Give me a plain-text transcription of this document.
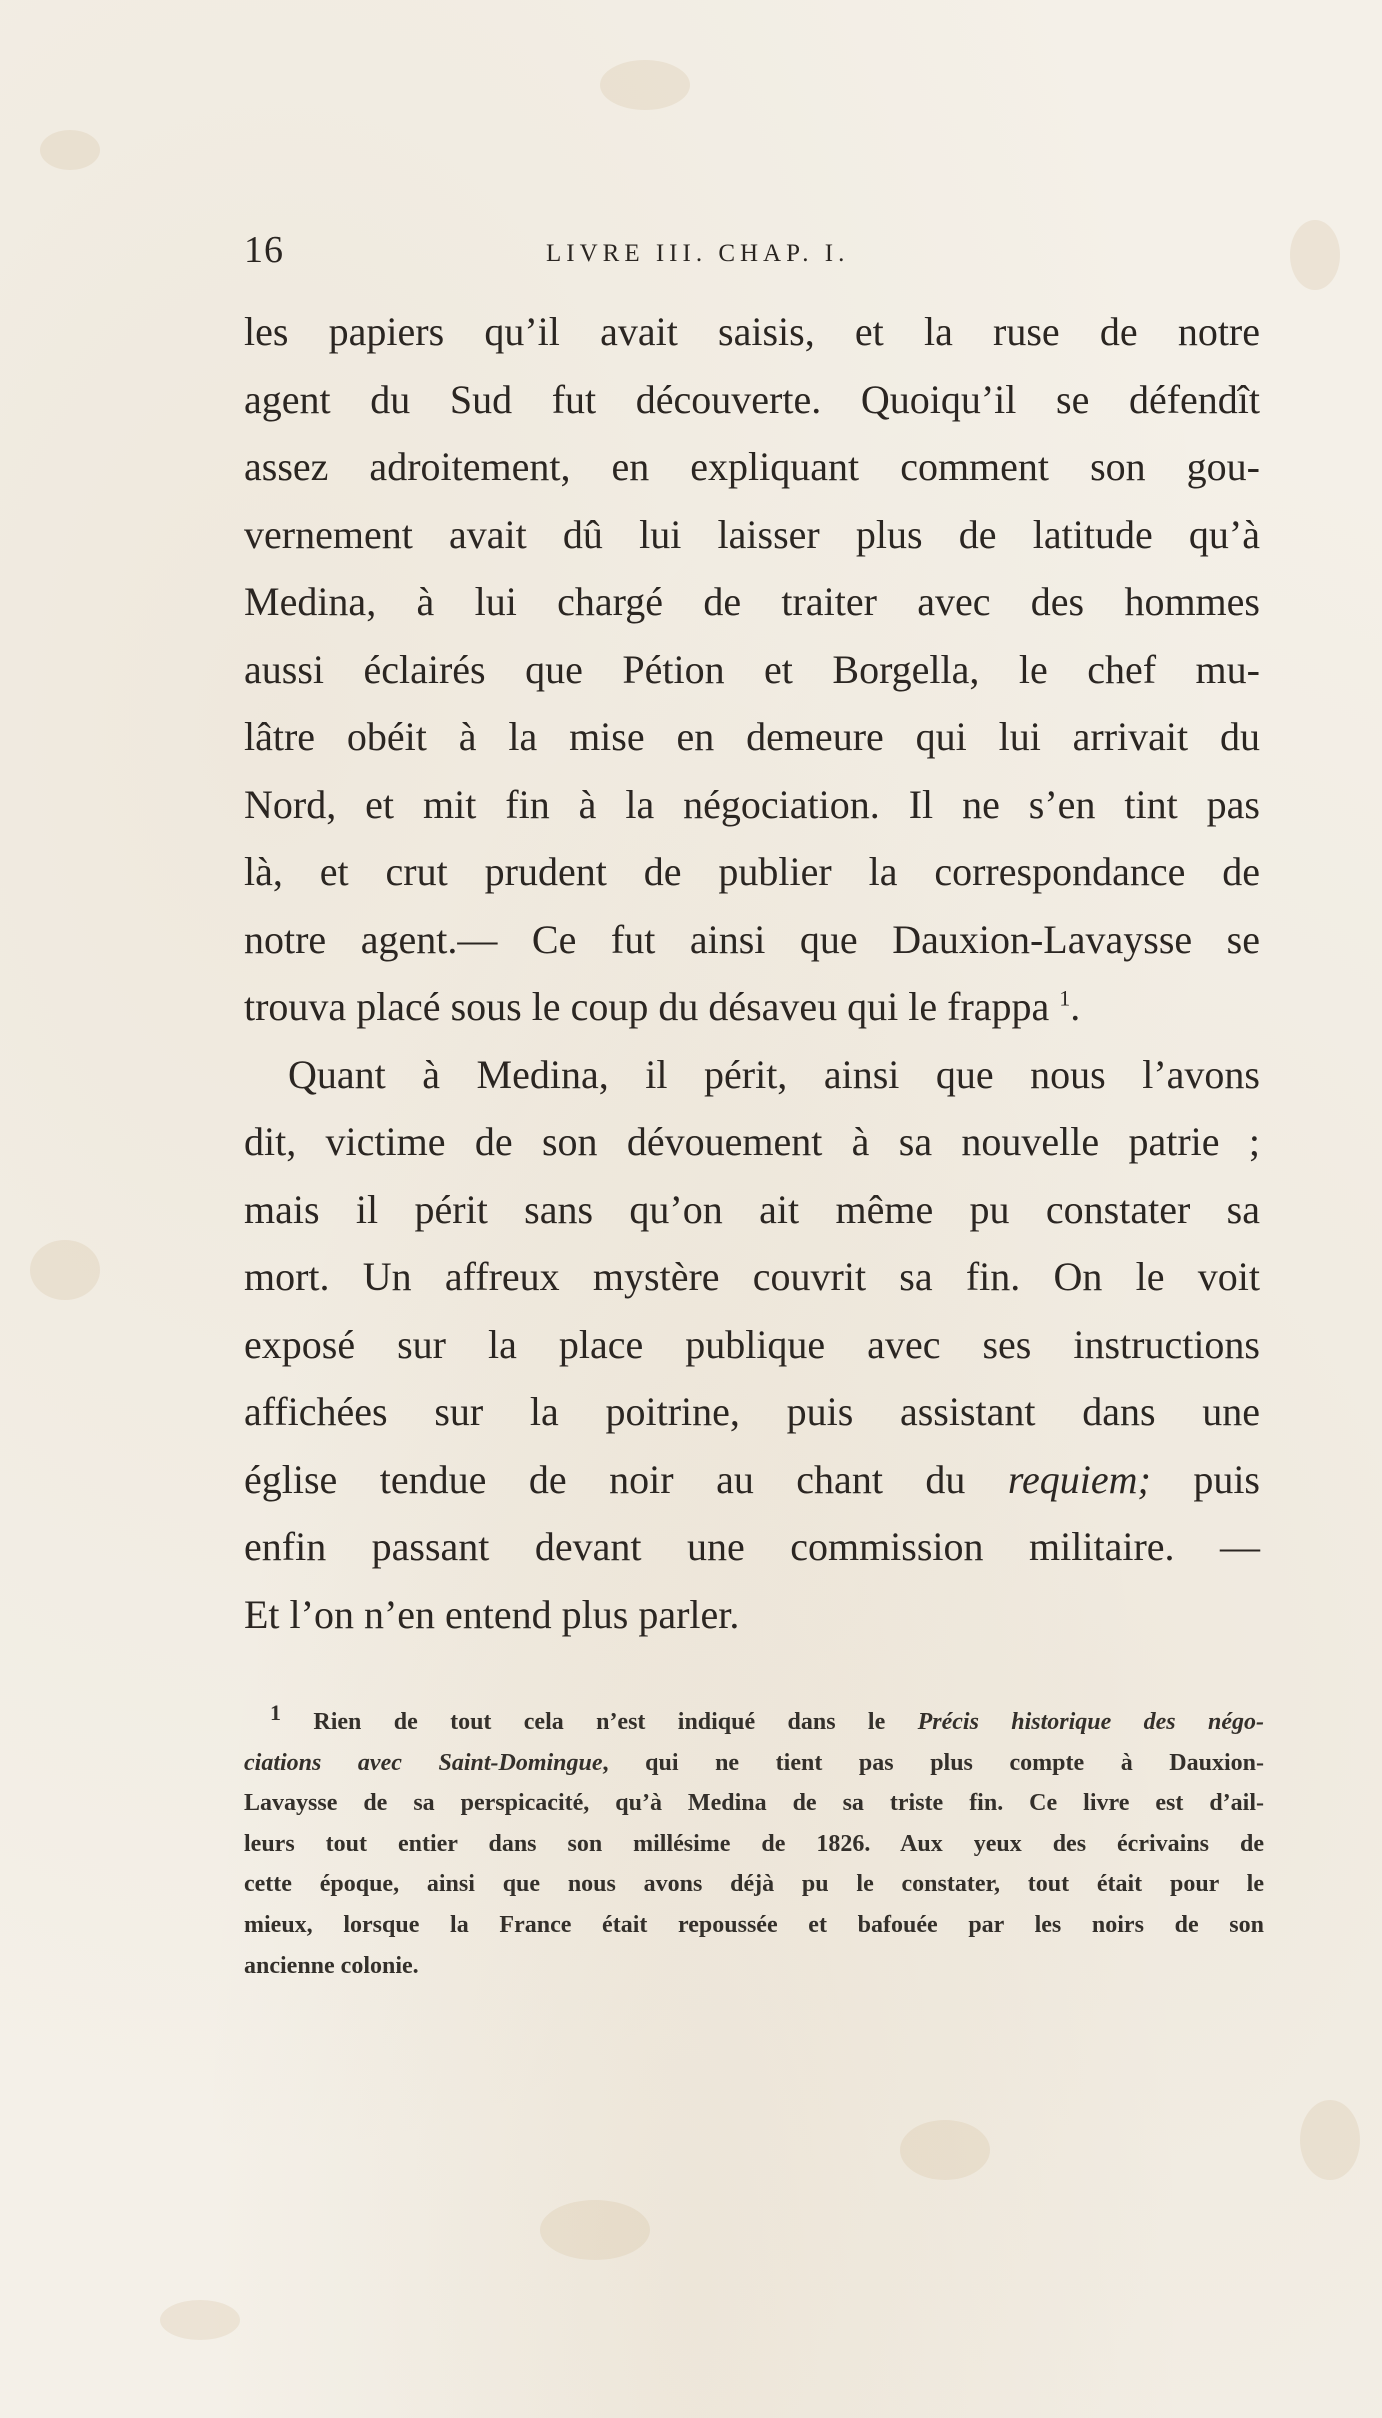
16	LIVRE III. CHAP. I.
les papiers qu’il avait saisis, et la ruse de notre
agent du Sud fut découverte. Quoiqu’il se défendît
assez adroitement, en expliquant comment son gou-
vernement avait dû lui laisser plus de latitude qu’à
Medina, à lui chargé de traiter avec des hommes
aussi éclairés que Pétion et Borgella, le chef mu-
lâtre obéit à la mise en demeure qui lui arrivait du
Nord, et mit fin à la négociation. Il ne s’en tint pas
là, et crut prudent de publier la correspondance de
notre agent.— Ce fut ainsi que Dauxion-Lavaysse se
trouva placé sous le coup du désaveu qui le frappa $^1$.
Quant à Medina, il périt, ainsi que nous l’avons
dit, victime de son dévouement à sa nouvelle patrie ;
mais il périt sans qu’on ait même pu constater sa
mort. Un affreux mystère couvrit sa fin. On le voit
exposé sur la place publique avec ses instructions
affichées sur la poitrine, puis assistant dans une
église tendue de noir au chant du requiem; puis
enfin passant devant une commission militaire. —
Et l’on n’en entend plus parler.
$^1$ Rien de tout cela n’est indiqué dans le Précis historique des négo-
ciations avec Saint-Domingue, qui ne tient pas plus compte à Dauxion-
Lavaysse de sa perspicacité, qu’à Medina de sa triste fin. Ce livre est d’ail-
leurs tout entier dans son millésime de 1826. Aux yeux des écrivains de
cette époque, ainsi que nous avons déjà pu le constater, tout était pour le
mieux, lorsque la France était repoussée et bafouée par les noirs de son
ancienne colonie.
